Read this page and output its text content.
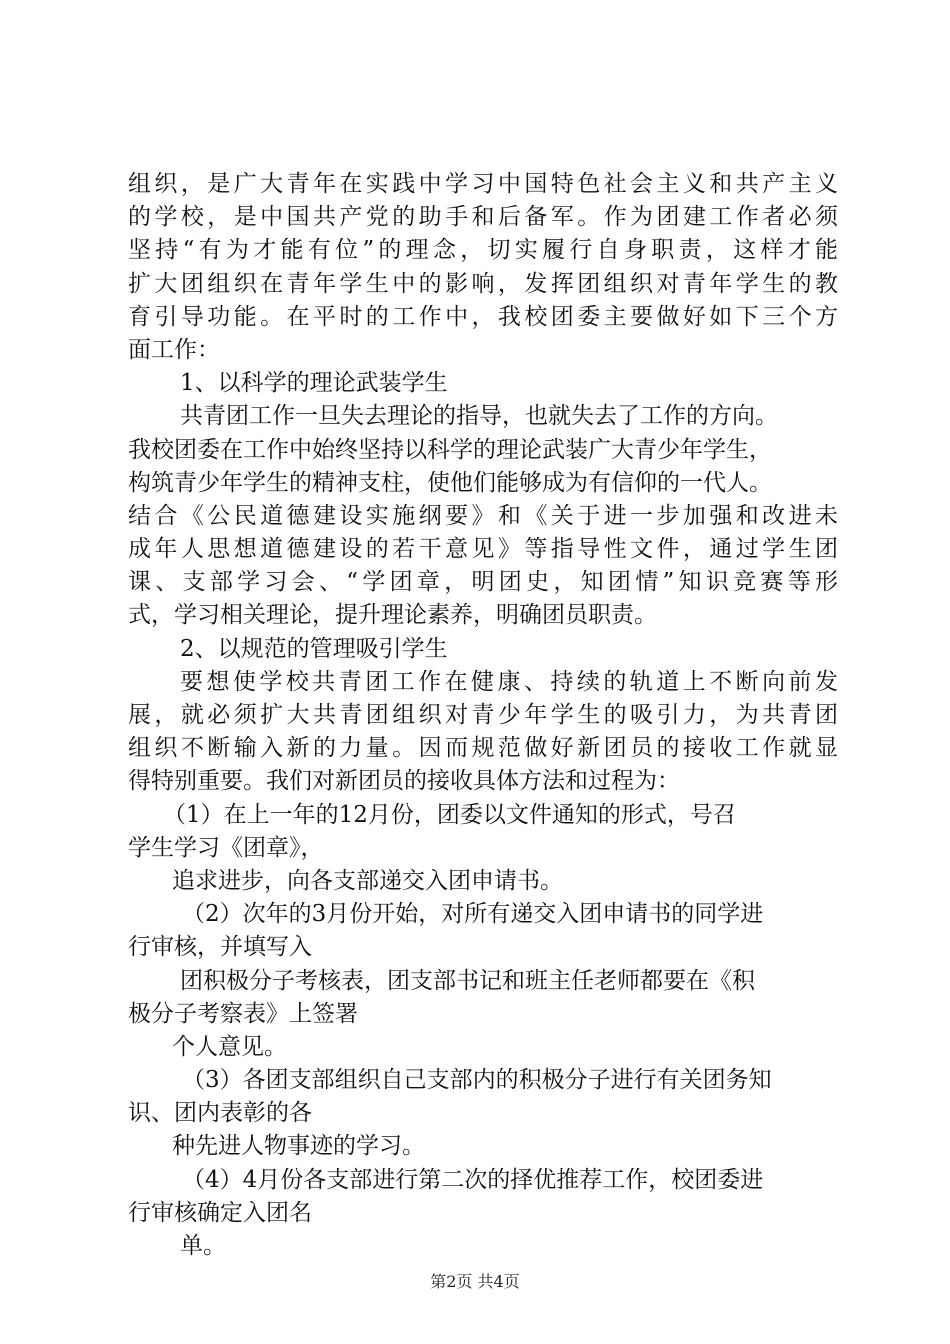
组织，是广大青年在实践中学习中国特色社会主义和共产主义
的学校，是中国共产党的助手和后备军。作为团建工作者必须
坚持“有为才能有位”的理念，切实履行自身职责，这样才能
扩大团组织在青年学生中的影响，发挥团组织对青年学生的教
育引导功能。在平时的工作中，我校团委主要做好如下三个方
面工作：
1、以科学的理论武装学生
共青团工作一旦失去理论的指导，也就失去了工作的方向。
我校团委在工作中始终坚持以科学的理论武装广大青少年学生，
构筑青少年学生的精神支柱，使他们能够成为有信仰的一代人。
结合《公民道德建设实施纲要》和《关于进一步加强和改进未
成年人思想道德建设的若干意见》等指导性文件，通过学生团
课、支部学习会、“学团章，明团史，知团情”知识竞赛等形
式，学习相关理论，提升理论素养，明确团员职责。
2、以规范的管理吸引学生
要想使学校共青团工作在健康、持续的轨道上不断向前发
展，就必须扩大共青团组织对青少年学生的吸引力，为共青团
组织不断输入新的力量。因而规范做好新团员的接收工作就显
得特别重要。我们对新团员的接收具体方法和过程为：
（1）在上一年的12月份，团委以文件通知的形式，号召
学生学习《团章》，
追求进步，向各支部递交入团申请书。
（2）次年的3月份开始，对所有递交入团申请书的同学进
行审核，并填写入
团积极分子考核表，团支部书记和班主任老师都要在《积
极分子考察表》上签署
个人意见。
（3）各团支部组织自己支部内的积极分子进行有关团务知
识、团内表彰的各
种先进人物事迹的学习。
（4）4月份各支部进行第二次的择优推荐工作，校团委进
行审核确定入团名
单。
第2页 共4页
